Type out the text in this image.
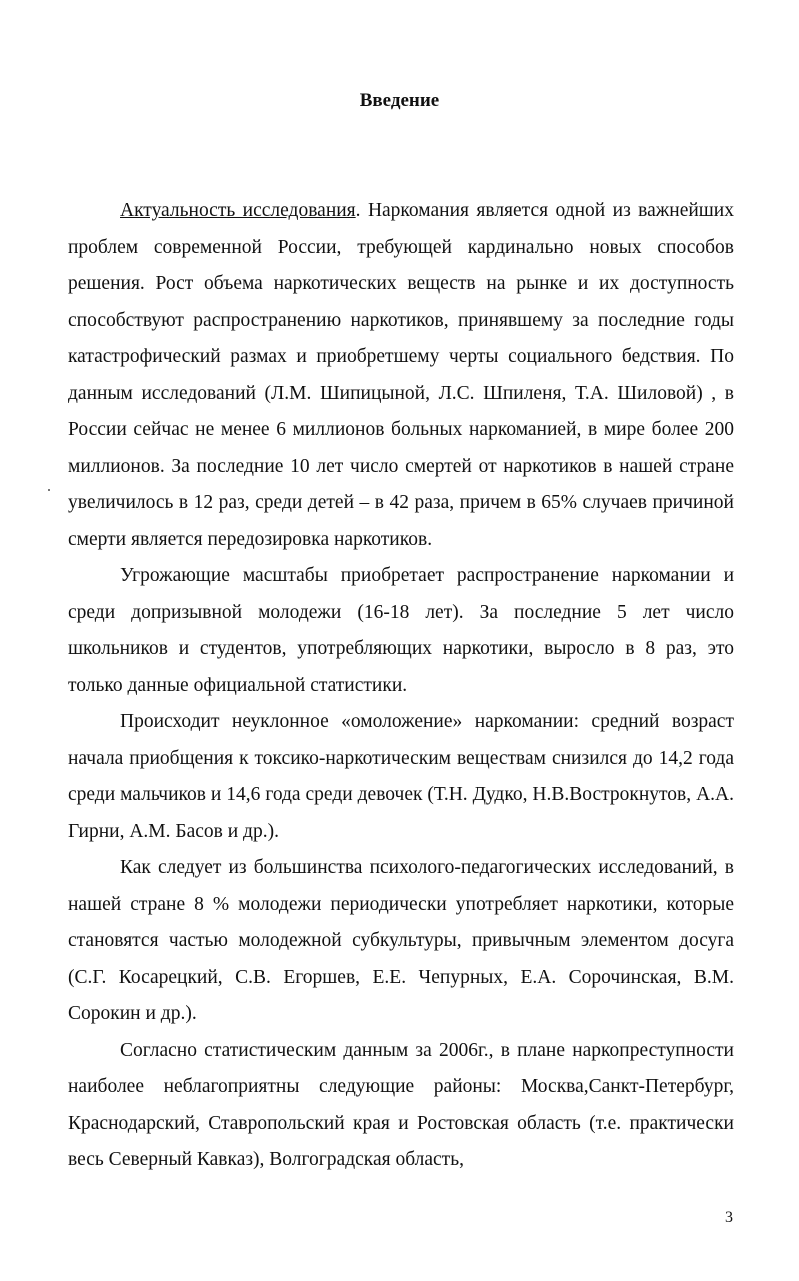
Введение

Актуальность исследования. Наркомания является одной из важнейших проблем современной России, требующей кардинально новых способов решения. Рост объема наркотических веществ на рынке и их доступность способствуют распространению наркотиков, принявшему за последние годы катастрофический размах и приобретшему черты социального бедствия. По данным исследований (Л.М. Шипицыной, Л.С. Шпиленя, Т.А. Шиловой) , в России сейчас не менее 6 миллионов больных наркоманией, в мире более 200 миллионов. За последние 10 лет число смертей от наркотиков в нашей стране увеличилось в 12 раз, среди детей – в 42 раза, причем в 65% случаев причиной смерти является передозировка наркотиков.

Угрожающие масштабы приобретает распространение наркомании и среди допризывной молодежи (16-18 лет). За последние 5 лет число школьников и студентов, употребляющих наркотики, выросло в 8 раз, это только данные официальной статистики.

Происходит неуклонное «омоложение» наркомании: средний возраст начала приобщения к токсико-наркотическим веществам снизился до 14,2 года среди мальчиков и 14,6 года среди девочек (Т.Н. Дудко, Н.В.Вострокнутов, А.А. Гирни, А.М. Басов и др.).

Как следует из большинства психолого-педагогических исследований, в нашей стране 8 % молодежи периодически употребляет наркотики, которые становятся частью молодежной субкультуры, привычным элементом досуга (С.Г. Косарецкий, С.В. Егоршев, Е.Е. Чепурных, Е.А. Сорочинская, В.М. Сорокин и др.).

Согласно статистическим данным за 2006г., в плане наркопреступности наиболее неблагоприятны следующие районы: Москва,Санкт-Петербург, Краснодарский, Ставропольский края и Ростовская область (т.е. практически весь Северный Кавказ), Волгоградская область,

3
